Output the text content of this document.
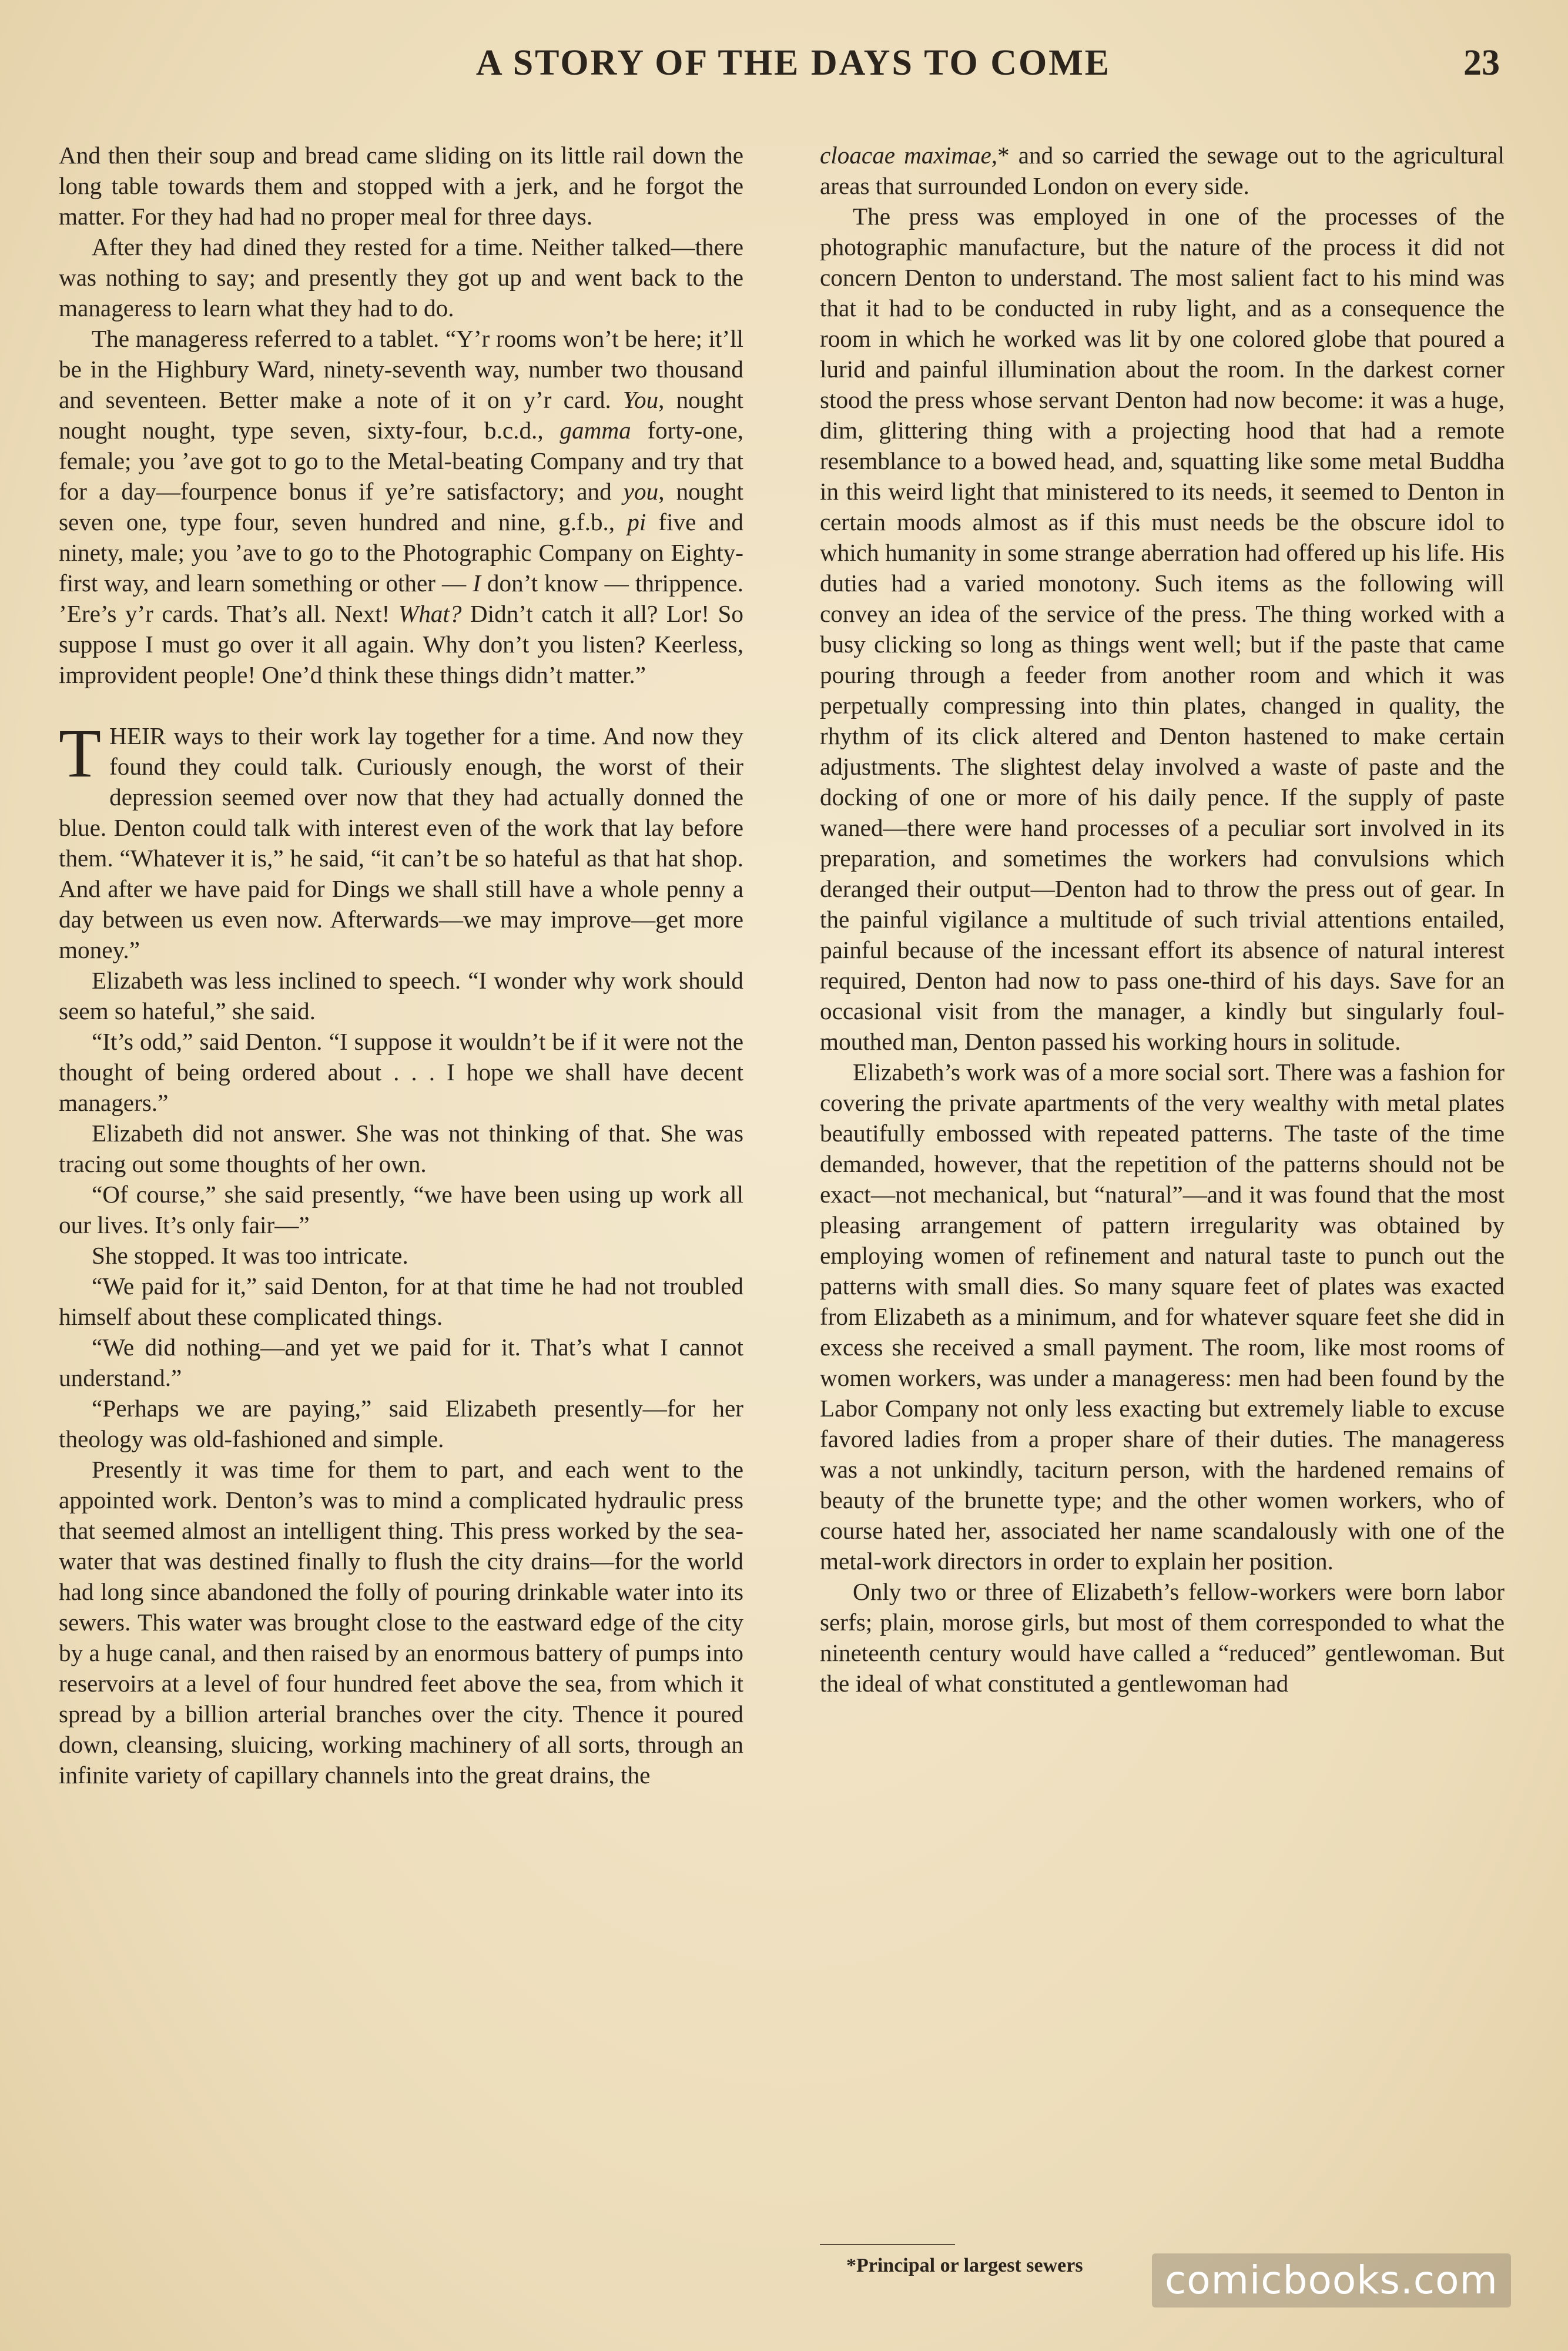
A STORY OF THE DAYS TO COME	23

And then their soup and bread came sliding on its little rail down the long table towards them and stopped with a jerk, and he forgot the matter. For they had had no proper meal for three days.

After they had dined they rested for a time. Neither talked—there was nothing to say; and presently they got up and went back to the manageress to learn what they had to do.

The manageress referred to a tablet. “Y’r rooms won’t be here; it’ll be in the Highbury Ward, ninety-seventh way, number two thousand and seventeen. Better make a note of it on y’r card. You, nought nought nought, type seven, sixty-four, b.c.d., gamma forty-one, female; you ’ave got to go to the Metal-beating Company and try that for a day—fourpence bonus if ye’re satisfactory; and you, nought seven one, type four, seven hundred and nine, g.f.b., pi five and ninety, male; you ’ave to go to the Photographic Company on Eighty-first way, and learn something or other — I don’t know — thrippence. ’Ere’s y’r cards. That’s all. Next! What? Didn’t catch it all? Lor! So suppose I must go over it all again. Why don’t you listen? Keerless, improvident people! One’d think these things didn’t matter.”

THEIR ways to their work lay together for a time. And now they found they could talk. Curiously enough, the worst of their depression seemed over now that they had actually donned the blue. Denton could talk with interest even of the work that lay before them. “Whatever it is,” he said, “it can’t be so hateful as that hat shop. And after we have paid for Dings we shall still have a whole penny a day between us even now. Afterwards—we may improve—get more money.”

Elizabeth was less inclined to speech. “I wonder why work should seem so hateful,” she said.

“It’s odd,” said Denton. “I suppose it wouldn’t be if it were not the thought of being ordered about . . . I hope we shall have decent managers.”

Elizabeth did not answer. She was not thinking of that. She was tracing out some thoughts of her own.

“Of course,” she said presently, “we have been using up work all our lives. It’s only fair—”

She stopped. It was too intricate.

“We paid for it,” said Denton, for at that time he had not troubled himself about these complicated things.

“We did nothing—and yet we paid for it. That’s what I cannot understand.”

“Perhaps we are paying,” said Elizabeth presently—for her theology was old-fashioned and simple.

Presently it was time for them to part, and each went to the appointed work. Denton’s was to mind a complicated hydraulic press that seemed almost an intelligent thing. This press worked by the sea-water that was destined finally to flush the city drains—for the world had long since abandoned the folly of pouring drinkable water into its sewers. This water was brought close to the eastward edge of the city by a huge canal, and then raised by an enormous battery of pumps into reservoirs at a level of four hundred feet above the sea, from which it spread by a billion arterial branches over the city. Thence it poured down, cleansing, sluicing, working machinery of all sorts, through an infinite variety of capillary channels into the great drains, the

cloacae maximae,* and so carried the sewage out to the agricultural areas that surrounded London on every side.

The press was employed in one of the processes of the photographic manufacture, but the nature of the process it did not concern Denton to understand. The most salient fact to his mind was that it had to be conducted in ruby light, and as a consequence the room in which he worked was lit by one colored globe that poured a lurid and painful illumination about the room. In the darkest corner stood the press whose servant Denton had now become: it was a huge, dim, glittering thing with a projecting hood that had a remote resemblance to a bowed head, and, squatting like some metal Buddha in this weird light that ministered to its needs, it seemed to Denton in certain moods almost as if this must needs be the obscure idol to which humanity in some strange aberration had offered up his life. His duties had a varied monotony. Such items as the following will convey an idea of the service of the press. The thing worked with a busy clicking so long as things went well; but if the paste that came pouring through a feeder from another room and which it was perpetually compressing into thin plates, changed in quality, the rhythm of its click altered and Denton hastened to make certain adjustments. The slightest delay involved a waste of paste and the docking of one or more of his daily pence. If the supply of paste waned—there were hand processes of a peculiar sort involved in its preparation, and sometimes the workers had convulsions which deranged their output—Denton had to throw the press out of gear. In the painful vigilance a multitude of such trivial attentions entailed, painful because of the incessant effort its absence of natural interest required, Denton had now to pass one-third of his days. Save for an occasional visit from the manager, a kindly but singularly foul-mouthed man, Denton passed his working hours in solitude.

Elizabeth’s work was of a more social sort. There was a fashion for covering the private apartments of the very wealthy with metal plates beautifully embossed with repeated patterns. The taste of the time demanded, however, that the repetition of the patterns should not be exact—not mechanical, but “natural”—and it was found that the most pleasing arrangement of pattern irregularity was obtained by employing women of refinement and natural taste to punch out the patterns with small dies. So many square feet of plates was exacted from Elizabeth as a minimum, and for whatever square feet she did in excess she received a small payment. The room, like most rooms of women workers, was under a manageress: men had been found by the Labor Company not only less exacting but extremely liable to excuse favored ladies from a proper share of their duties. The manageress was a not unkindly, taciturn person, with the hardened remains of beauty of the brunette type; and the other women workers, who of course hated her, associated her name scandalously with one of the metal-work directors in order to explain her position.

Only two or three of Elizabeth’s fellow-workers were born labor serfs; plain, morose girls, but most of them corresponded to what the nineteenth century would have called a “reduced” gentlewoman. But the ideal of what constituted a gentlewoman had

*Principal or largest sewers	comicbooks.com
